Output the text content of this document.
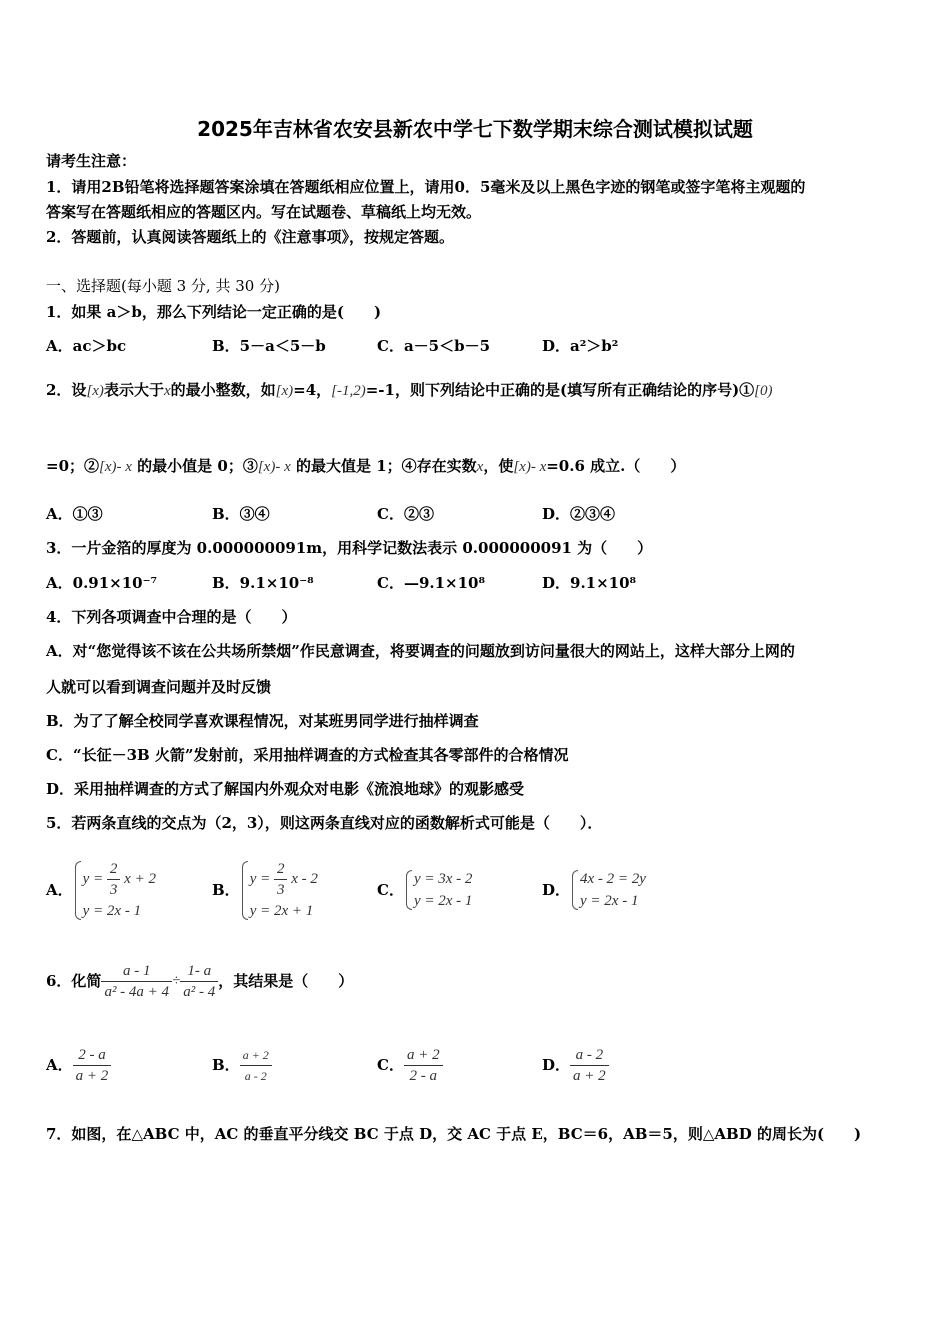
2025年吉林省农安县新农中学七下数学期末综合测试模拟试题
请考生注意：
1．请用2B铅笔将选择题答案涂填在答题纸相应位置上，请用0．5毫米及以上黑色字迹的钢笔或签字笔将主观题的
答案写在答题纸相应的答题区内。写在试题卷、草稿纸上均无效。
2．答题前，认真阅读答题纸上的《注意事项》，按规定答题。
一、选择题(每小题 3 分, 共 30 分)
1．如果 a＞b，那么下列结论一定正确的是(　　)
A．ac＞bc	B．5－a＜5－b	C．a－5＜b－5	D．a²＞b²
2．设[x)表示大于x的最小整数，如[x)=4，[-1,2)=-1，则下列结论中正确的是(填写所有正确结论的序号)①[0)
=0；②[x)- x 的最小值是 0；③[x)- x 的最大值是 1；④存在实数x，使[x)- x=0.6 成立.（　　）
A．①③	B．③④	C．②③	D．②③④
3．一片金箔的厚度为 0.000000091m，用科学记数法表示 0.000000091 为（　　）
A．0.91×10⁻⁷	B．9.1×10⁻⁸	C．—9.1×10⁸	D．9.1×10⁸
4．下列各项调查中合理的是（　　）
A．对“您觉得该不该在公共场所禁烟”作民意调查，将要调查的问题放到访问量很大的网站上，这样大部分上网的
人就可以看到调查问题并及时反馈
B．为了了解全校同学喜欢课程情况，对某班男同学进行抽样调查
C．“长征－3B 火箭”发射前，采用抽样调查的方式检查其各零部件的合格情况
D．采用抽样调查的方式了解国内外观众对电影《流浪地球》的观影感受
5．若两条直线的交点为（2，3），则这两条直线对应的函数解析式可能是（　　）．
A．
$y = \frac{2}{3}$ x + 2
y = 2x - 1
B．
$y = \frac{2}{3}$ x - 2
y = 2x + 1
C．
y = 3x - 2
y = 2x - 1
D．
4x - 2 = 2y
y = 2x - 1
6．化简 $\frac{a - 1}{\text{a² - 4a + 4}} \div \frac{1- a}{\text{a² - 4}}$ ，其结果是（　　）
A． $\frac{2 - a}{a + 2}$	B． $\frac{a + 2}{a - 2}$	C． $\frac{a + 2}{2 - a}$	D． $\frac{a - 2}{a + 2}$
7．如图，在△ABC 中，AC 的垂直平分线交 BC 于点 D，交 AC 于点 E，BC＝6，AB＝5，则△ABD 的周长为(　　)
